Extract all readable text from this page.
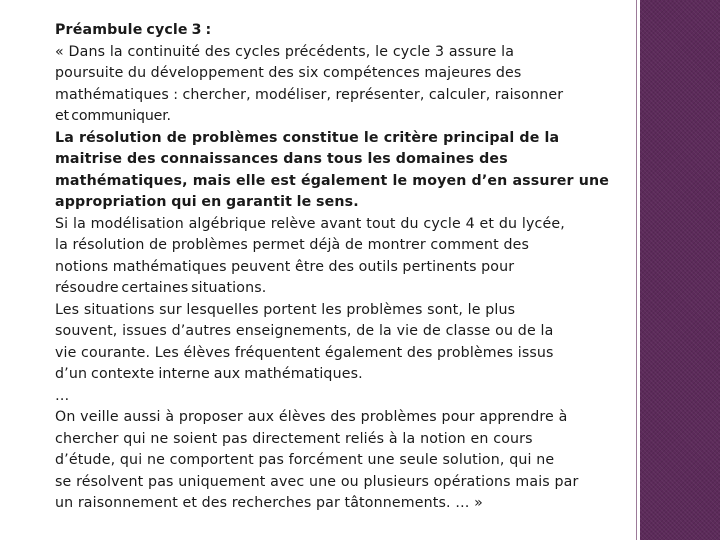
Préambule cycle 3 :
« Dans la continuité des cycles précédents, le cycle 3 assure la
poursuite du développement des six compétences majeures des
mathématiques : chercher, modéliser, représenter, calculer, raisonner
et communiquer.
La résolution de problèmes constitue le critère principal de la
maitrise des connaissances dans tous les domaines des
mathématiques, mais elle est également le moyen d’en assurer une
appropriation qui en garantit le sens.
Si la modélisation algébrique relève avant tout du cycle 4 et du lycée,
la résolution de problèmes permet déjà de montrer comment des
notions mathématiques peuvent être des outils pertinents pour
résoudre certaines situations.
Les situations sur lesquelles portent les problèmes sont, le plus
souvent, issues d’autres enseignements, de la vie de classe ou de la
vie courante. Les élèves fréquentent également des problèmes issus
d’un contexte interne aux mathématiques.
…
On veille aussi à proposer aux élèves des problèmes pour apprendre à
chercher qui ne soient pas directement reliés à la notion en cours
d’étude, qui ne comportent pas forcément une seule solution, qui ne
se résolvent pas uniquement avec une ou plusieurs opérations mais par
un raisonnement et des recherches par tâtonnements. … »
